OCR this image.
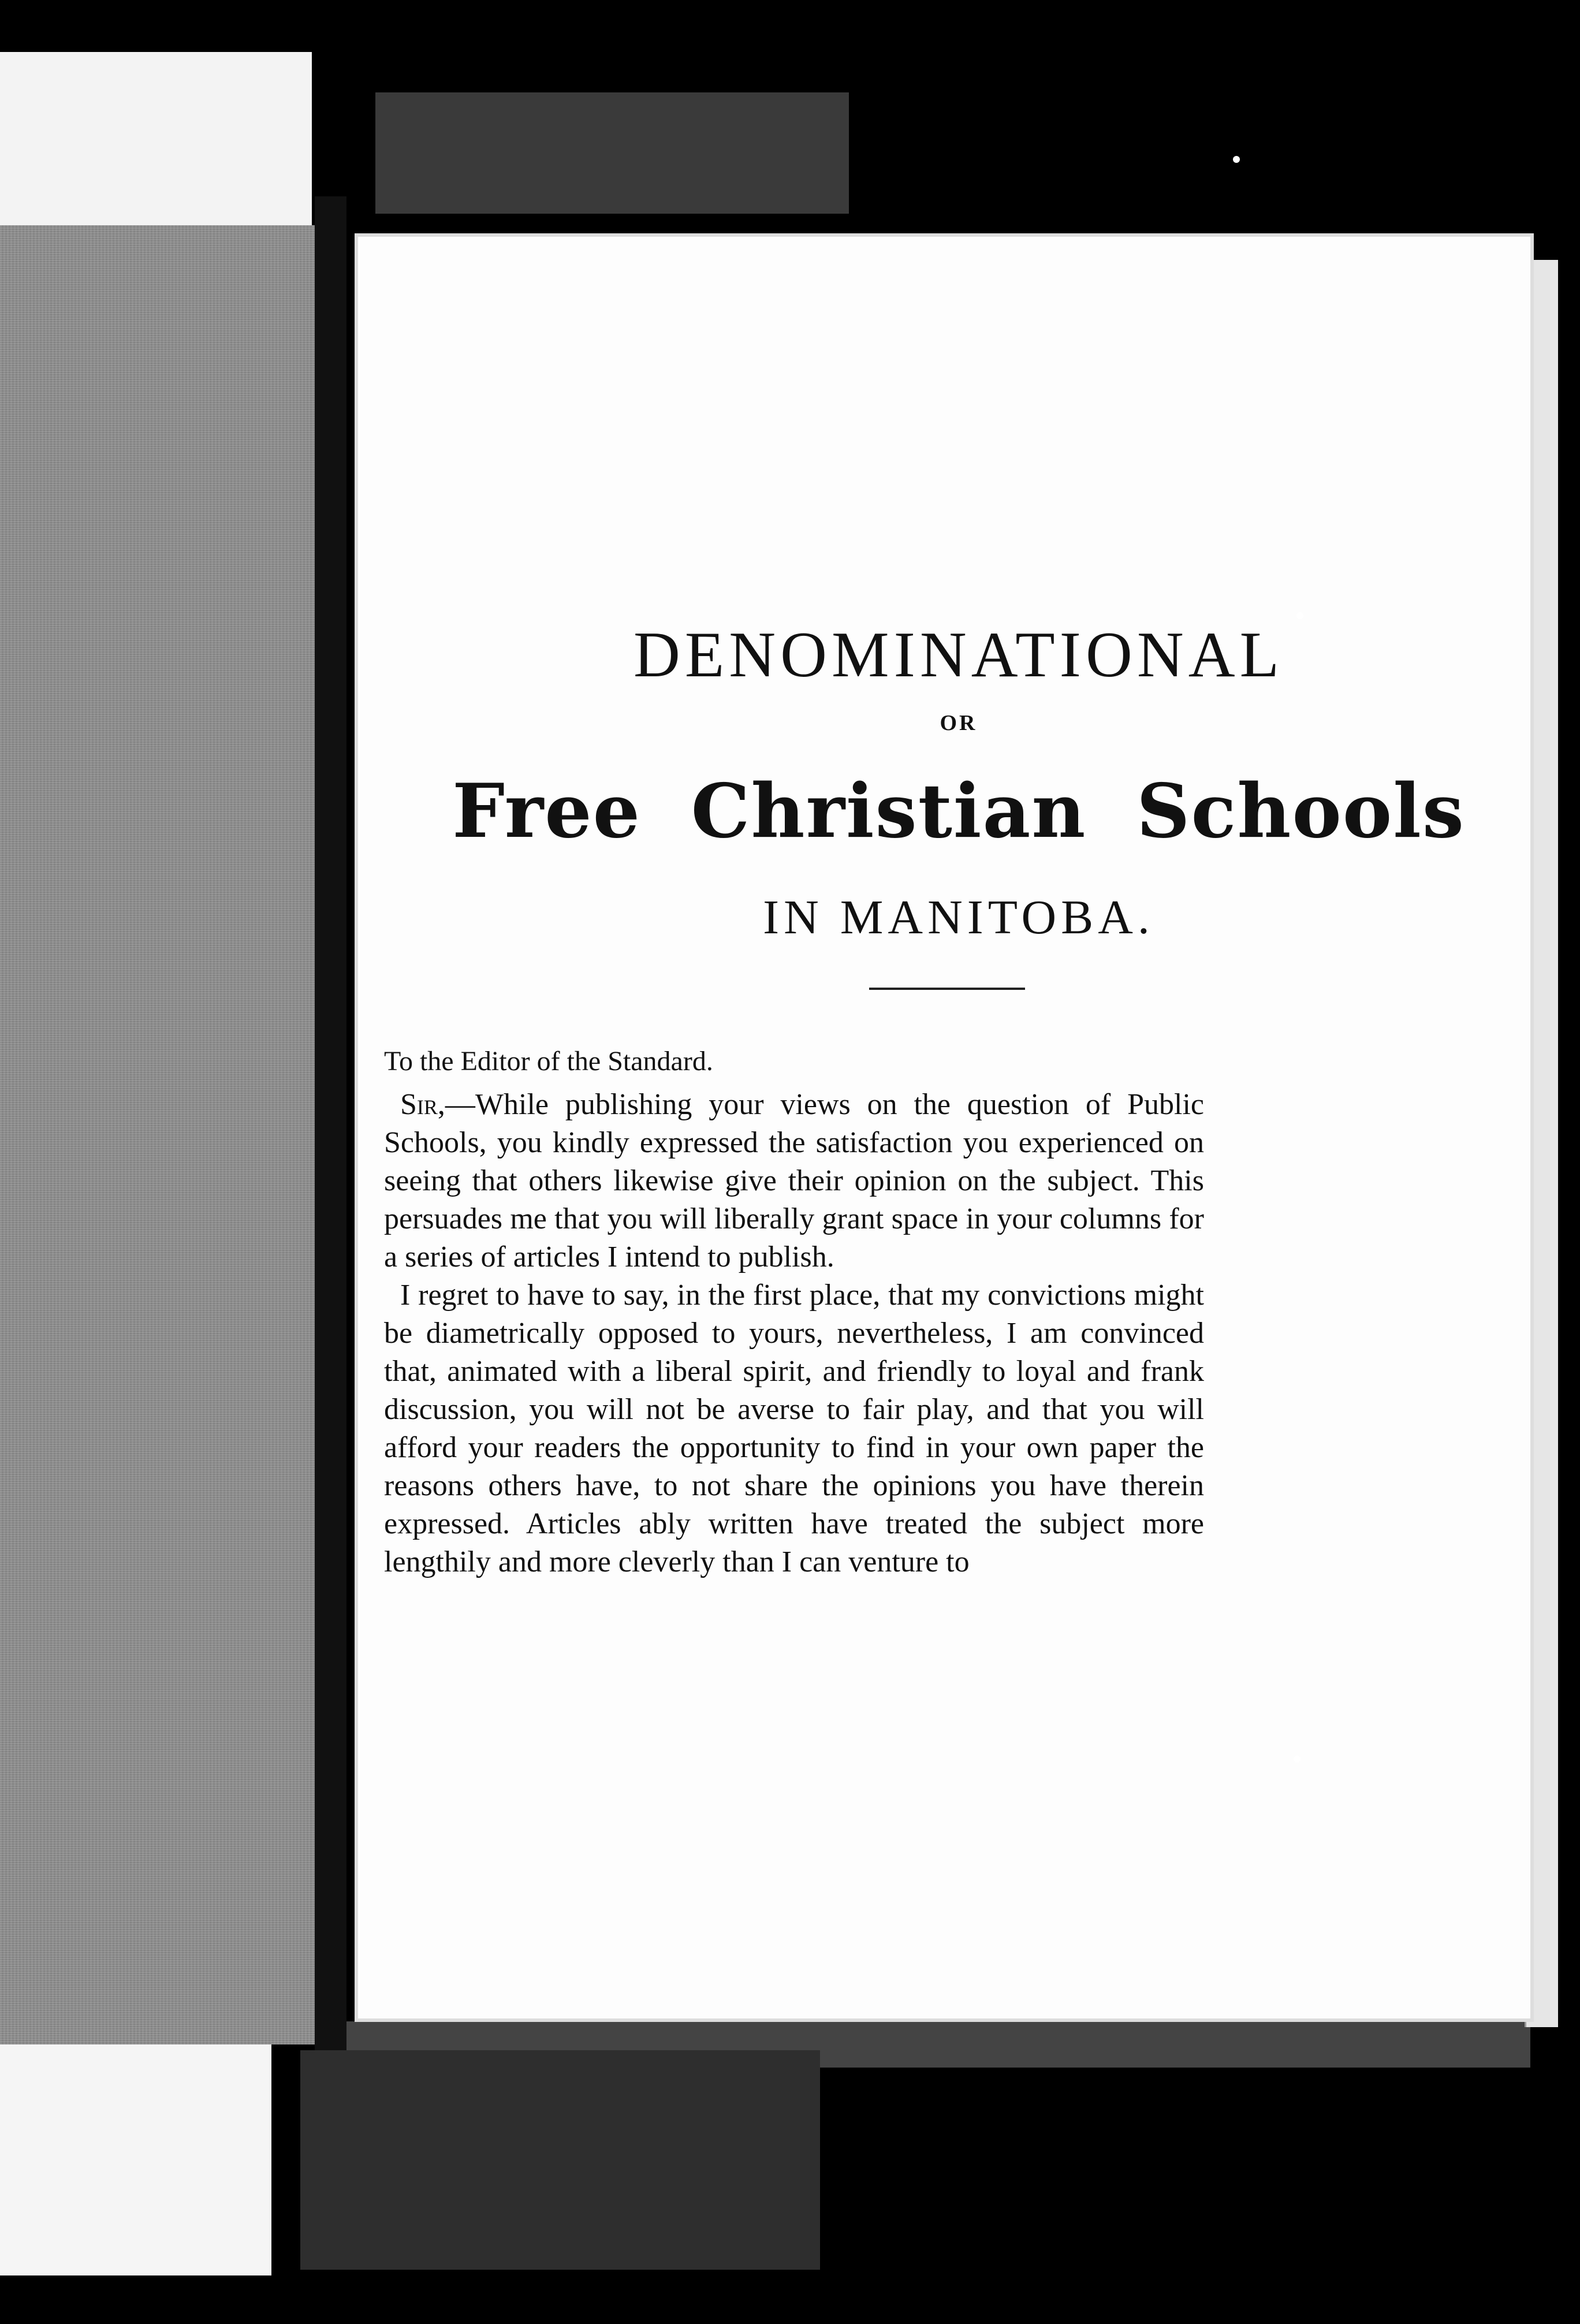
DENOMINATIONAL
OR
Free Christian Schools
IN MANITOBA.
To the Editor of the Standard.

Sir,—While publishing your views on the question of Public Schools, you kindly expressed the satisfaction you experienced on seeing that others likewise give their opinion on the subject. This persuades me that you will liberally grant space in your columns for a series of articles I intend to publish.

I regret to have to say, in the first place, that my convictions might be diametrically opposed to yours, nevertheless, I am convinced that, animated with a liberal spirit, and friendly to loyal and frank discussion, you will not be averse to fair play, and that you will afford your readers the opportunity to find in your own paper the reasons others have, to not share the opinions you have therein expressed. Articles ably written have treated the subject more lengthily and more cleverly than I can venture to
